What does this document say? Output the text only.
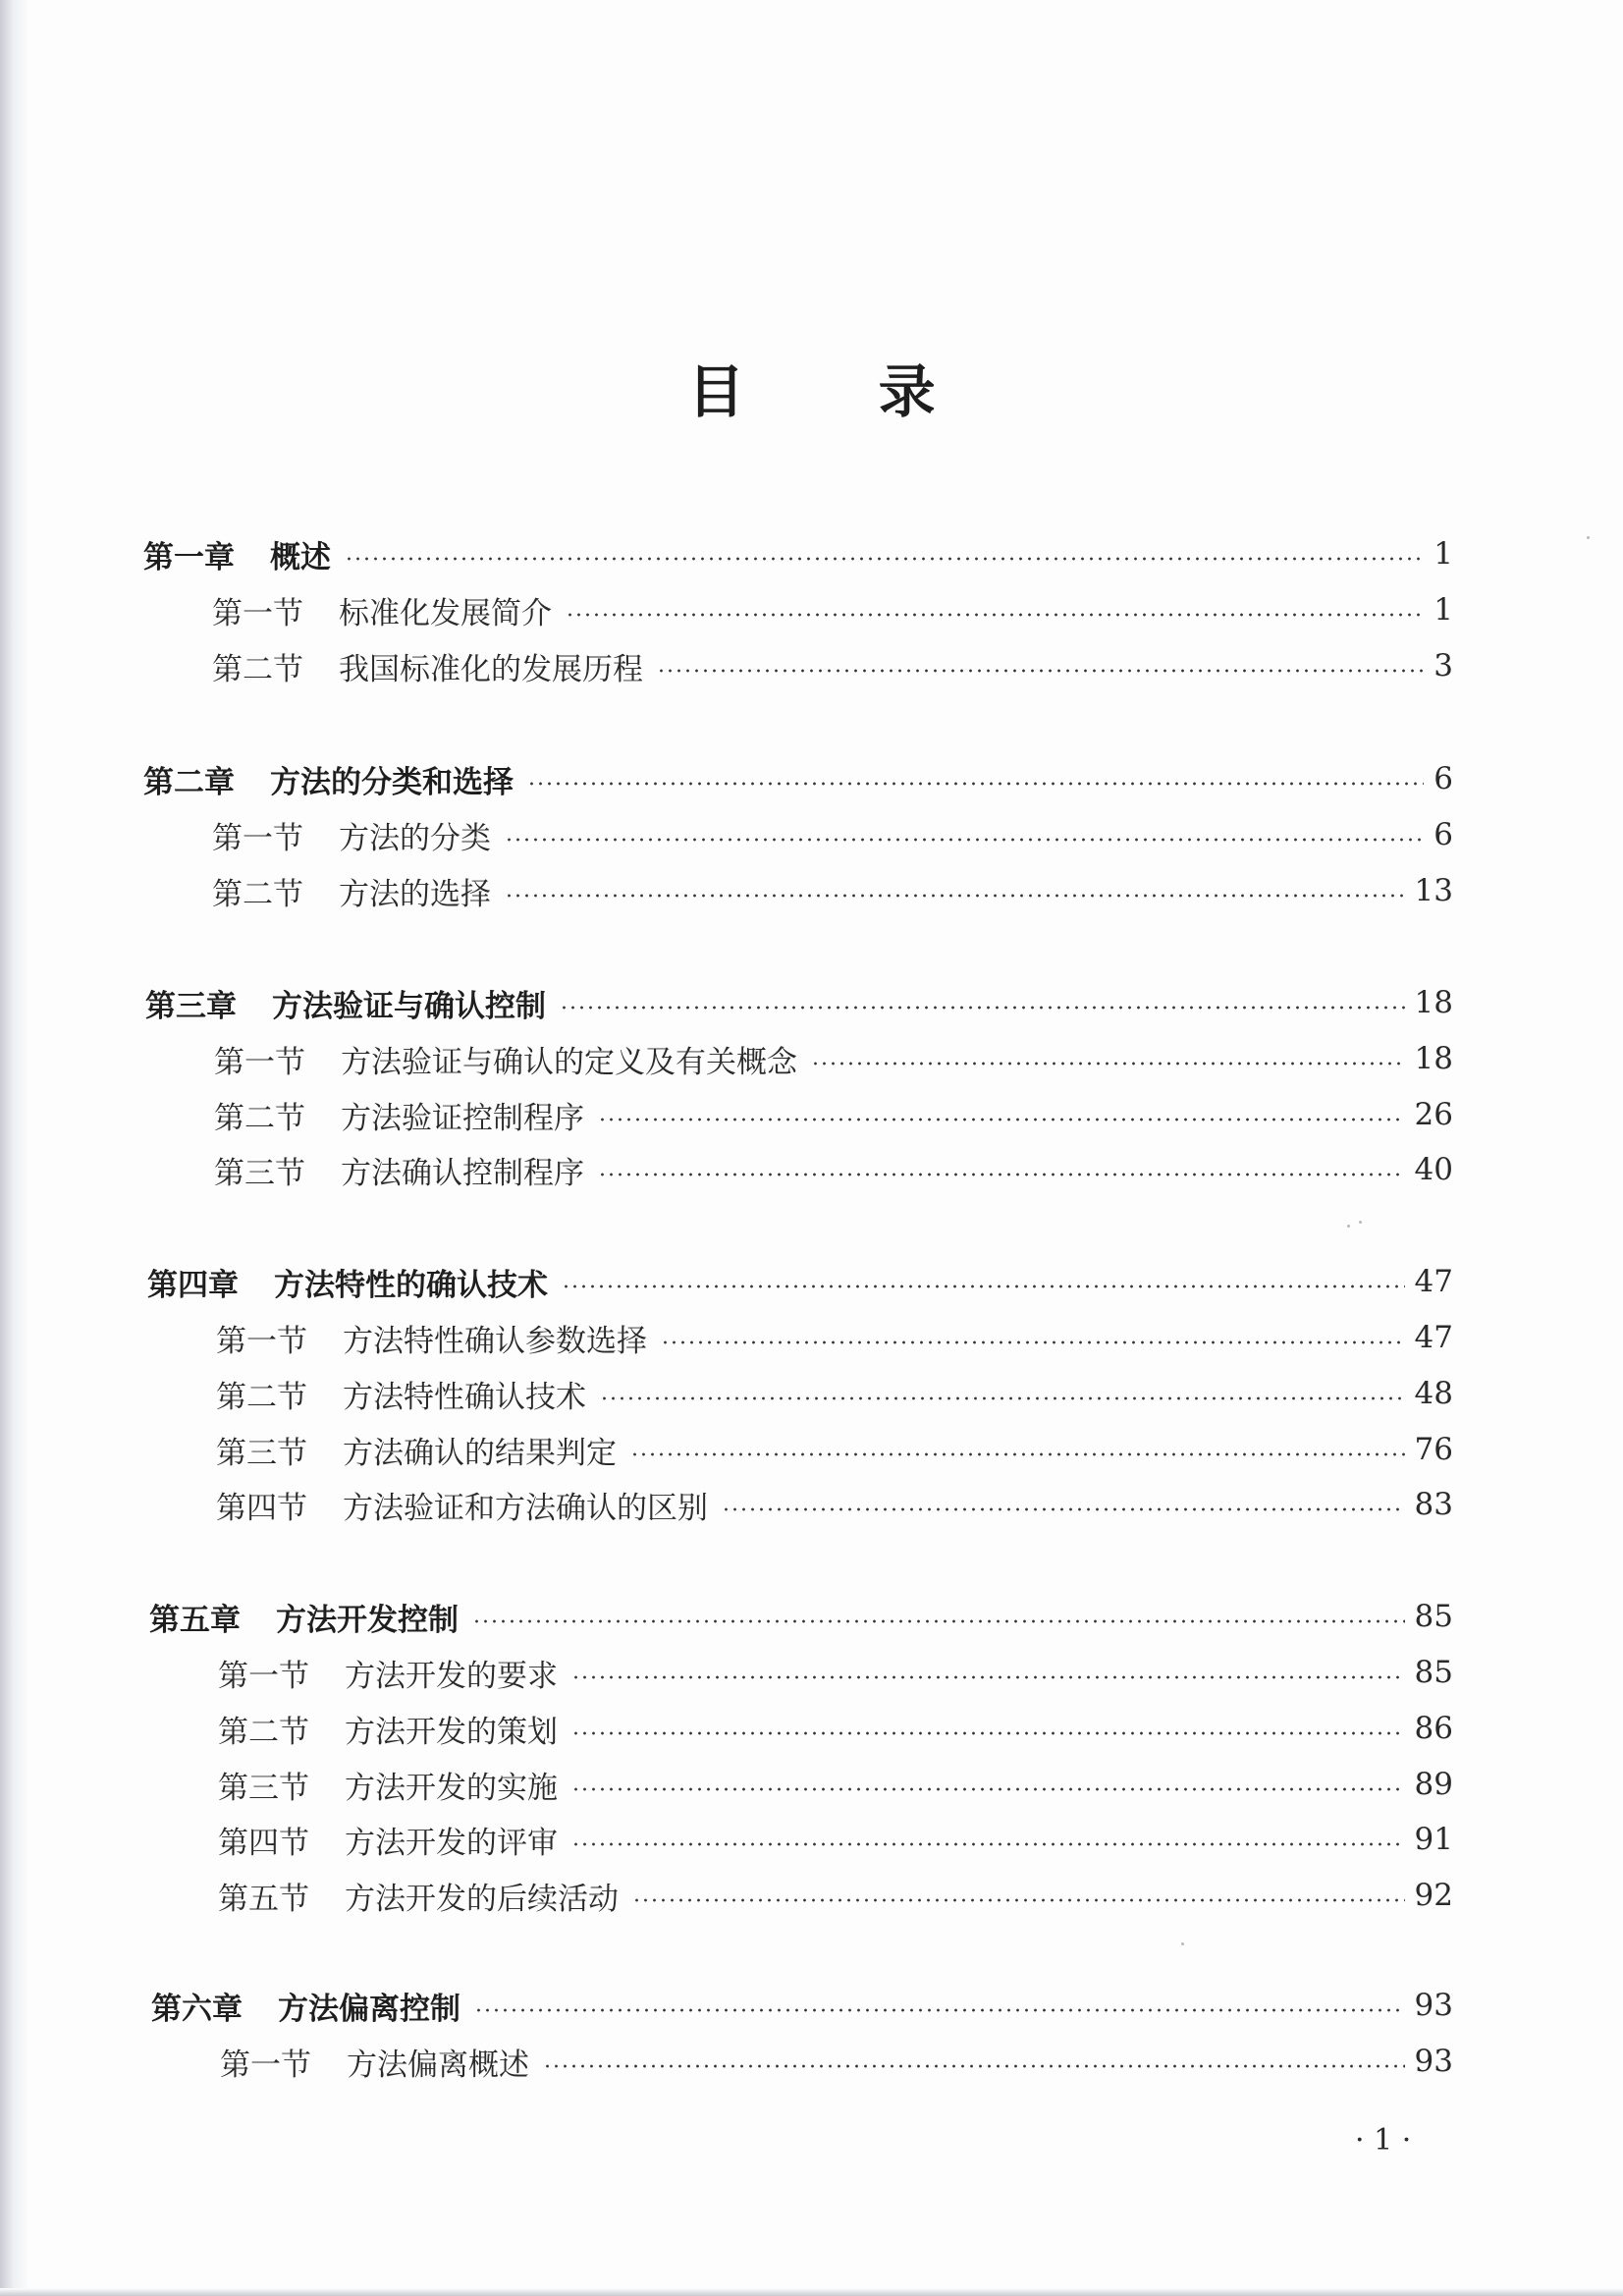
目 录
第一章 概述	1
第一节 标准化发展简介	1
第二节 我国标准化的发展历程	3
第二章 方法的分类和选择	6
第一节 方法的分类	6
第二节 方法的选择	13
第三章 方法验证与确认控制	18
第一节 方法验证与确认的定义及有关概念	18
第二节 方法验证控制程序	26
第三节 方法确认控制程序	40
第四章 方法特性的确认技术	47
第一节 方法特性确认参数选择	47
第二节 方法特性确认技术	48
第三节 方法确认的结果判定	76
第四节 方法验证和方法确认的区别	83
第五章 方法开发控制	85
第一节 方法开发的要求	85
第二节 方法开发的策划	86
第三节 方法开发的实施	89
第四节 方法开发的评审	91
第五节 方法开发的后续活动	92
第六章 方法偏离控制	93
第一节 方法偏离概述	93
· 1 ·
